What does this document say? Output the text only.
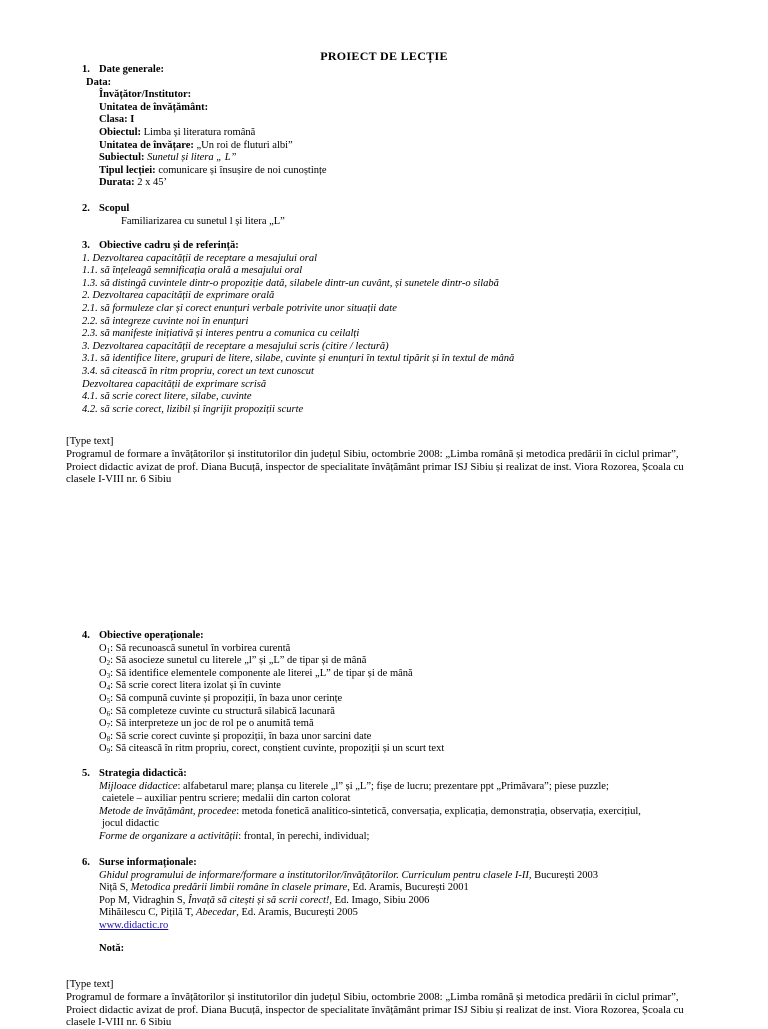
PROIECT DE LECȚIE
1. Date generale:
Data:
Învățător/Institutor:
Unitatea de învățământ:
Clasa: I
Obiectul: Limba și literatura română
Unitatea de învățare: „Un roi de fluturi albi”
Subiectul: Sunetul și litera „ L”
Tipul lecției: comunicare și însușire de noi cunoștințe
Durata: 2 x 45’
2. Scopul
Familiarizarea cu sunetul l și litera „L”
3. Obiective cadru și de referință:
1. Dezvoltarea capacității de receptare a mesajului oral
1.1. să înțeleagă semnificația orală a mesajului oral
1.3. să distingă cuvintele dintr-o propoziție dată, silabele dintr-un cuvânt, și sunetele dintr-o silabă
2. Dezvoltarea capacității de exprimare orală
2.1. să formuleze clar și corect enunțuri verbale potrivite unor situații date
2.2. să integreze cuvinte noi în enunțuri
2.3. să manifeste inițiativă și interes pentru a comunica cu ceilalți
3. Dezvoltarea capacității de receptare a mesajului scris (citire / lectură)
3.1. să identifice litere, grupuri de litere, silabe, cuvinte și enunțuri în textul tipărit și în textul de mână
3.4. să citească în ritm propriu, corect un text cunoscut
Dezvoltarea capacității de exprimare scrisă
4.1. să scrie corect litere, silabe, cuvinte
4.2. să scrie corect, lizibil și îngrijit propoziții scurte
[Type text]
Programul de formare a învățătorilor și institutorilor din județul Sibiu, octombrie 2008: „Limba română și metodica predării în ciclul primar”,
Proiect didactic avizat de prof. Diana Bucuță, inspector de specialitate învățământ primar ISJ Sibiu și realizat de inst. Viora Rozorea, Școala cu
clasele I-VIII nr. 6 Sibiu
4. Obiective operaționale:
$O_1$: Să recunoască sunetul în vorbirea curentă
$O_2$: Să asocieze sunetul cu literele „l” și „L” de tipar și de mână
$O_3$: Să identifice elementele componente ale literei „L” de tipar și de mână
$O_4$: Să scrie corect litera izolat și în cuvinte
$O_5$: Să compună cuvinte și propoziții, în baza unor cerințe
$O_6$: Să completeze cuvinte cu structură silabică lacunară
$O_7$: Să interpreteze un joc de rol pe o anumită temă
$O_8$: Să scrie corect cuvinte și propoziții, în baza unor sarcini date
$O_9$: Să citească în ritm propriu, corect, conștient cuvinte, propoziții și un scurt text
5. Strategia didactică:
Mijloace didactice: alfabetarul mare; planșa cu literele „l” și „L”; fișe de lucru; prezentare ppt „Primăvara”; piese puzzle;
caietele – auxiliar pentru scriere; medalii din carton colorat
Metode de învățământ, procedee: metoda fonetică analitico-sintetică, conversația, explicația, demonstrația, observația, exercițiul,
jocul didactic
Forme de organizare a activității: frontal, în perechi, individual;
6. Surse informaționale:
Ghidul programului de informare/formare a institutorilor/învățătorilor. Curriculum pentru clasele I-II, București 2003
Niță S, Metodica predării limbii române în clasele primare, Ed. Aramis, București 2001
Pop M, Vidraghin S, Învață să citești și să scrii corect!, Ed. Imago, Sibiu 2006
Mihăilescu C, Pițilă T, Abecedar, Ed. Aramis, București 2005
www.didactic.ro
Notă:
[Type text]
Programul de formare a învățătorilor și institutorilor din județul Sibiu, octombrie 2008: „Limba română și metodica predării în ciclul primar”,
Proiect didactic avizat de prof. Diana Bucuță, inspector de specialitate învățământ primar ISJ Sibiu și realizat de inst. Viora Rozorea, Școala cu
clasele I-VIII nr. 6 Sibiu
